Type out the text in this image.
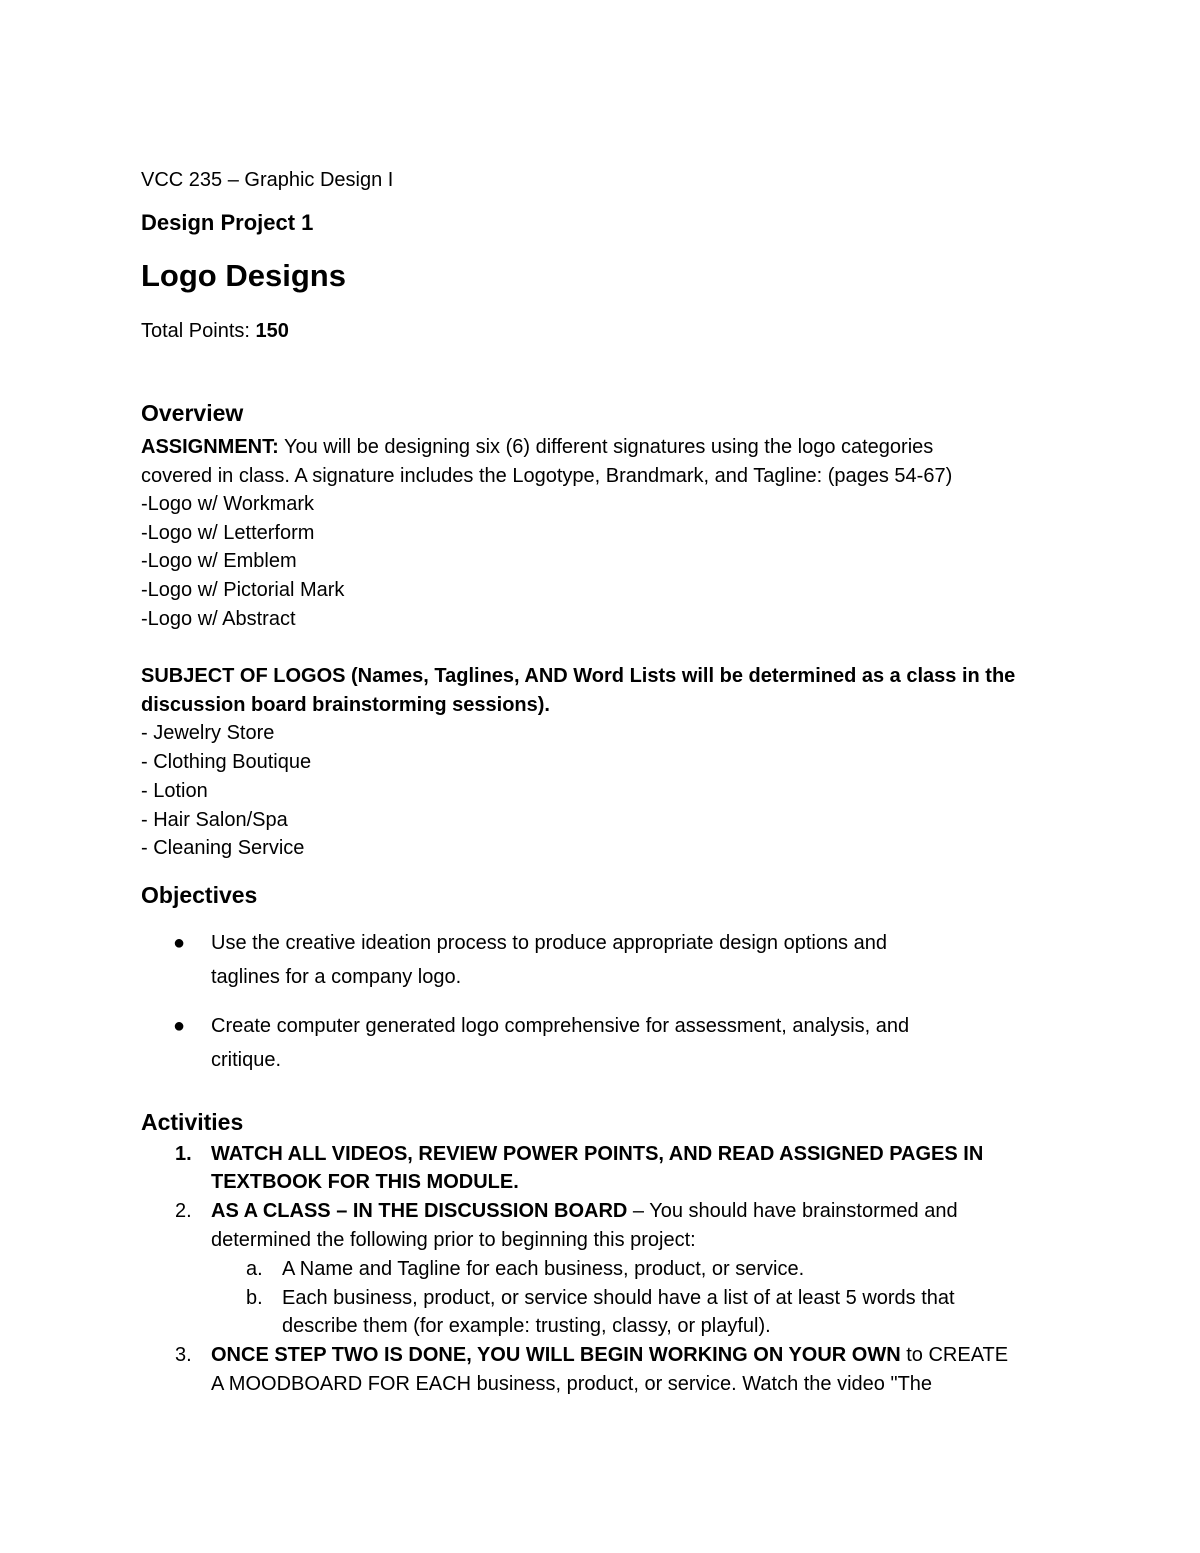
VCC 235 – Graphic Design I
Design Project 1
Logo Designs
Total Points: 150
Overview
ASSIGNMENT: You will be designing six (6) different signatures using the logo categories
covered in class. A signature includes the Logotype, Brandmark, and Tagline: (pages 54-67)
-Logo w/ Workmark
-Logo w/ Letterform
-Logo w/ Emblem
-Logo w/ Pictorial Mark
-Logo w/ Abstract
SUBJECT OF LOGOS (Names, Taglines, AND Word Lists will be determined as a class in the
discussion board brainstorming sessions).
- Jewelry Store
- Clothing Boutique
- Lotion
- Hair Salon/Spa
- Cleaning Service
Objectives
● Use the creative ideation process to produce appropriate design options and
taglines for a company logo.
● Create computer generated logo comprehensive for assessment, analysis, and
critique.
Activities
1. WATCH ALL VIDEOS, REVIEW POWER POINTS, AND READ ASSIGNED PAGES IN
TEXTBOOK FOR THIS MODULE.
2. AS A CLASS – IN THE DISCUSSION BOARD – You should have brainstormed and
determined the following prior to beginning this project:
a. A Name and Tagline for each business, product, or service.
b. Each business, product, or service should have a list of at least 5 words that
describe them (for example: trusting, classy, or playful).
3. ONCE STEP TWO IS DONE, YOU WILL BEGIN WORKING ON YOUR OWN to CREATE
A MOODBOARD FOR EACH business, product, or service. Watch the video "The
